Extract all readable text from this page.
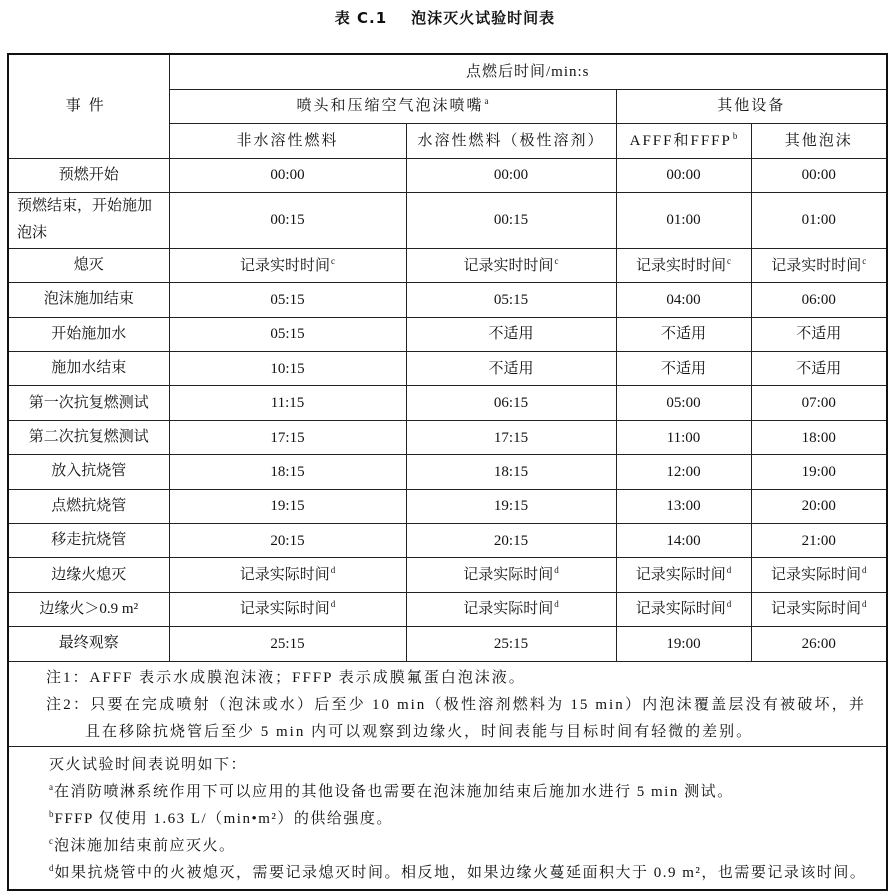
表 C.1 泡沫灭火试验时间表
事件	点燃后时间/min:s			
	喷头和压缩空气泡沫喷嘴$^a$		其他设备	
	非水溶性燃料	水溶性燃料（极性溶剂）	AFFF和FFFP$^b$	其他泡沫
预燃开始	00:00	00:00	00:00	00:00
预燃结束，开始施加泡沫	00:15	00:15	01:00	01:00
熄灭	记录实时时间$^c$	记录实时时间$^c$	记录实时时间$^c$	记录实时时间$^c$
泡沫施加结束	05:15	05:15	04:00	06:00
开始施加水	05:15	不适用	不适用	不适用
施加水结束	10:15	不适用	不适用	不适用
第一次抗复燃测试	11:15	06:15	05:00	07:00
第二次抗复燃测试	17:15	17:15	11:00	18:00
放入抗烧管	18:15	18:15	12:00	19:00
点燃抗烧管	19:15	19:15	13:00	20:00
移走抗烧管	20:15	20:15	14:00	21:00
边缘火熄灭	记录实际时间$^d$	记录实际时间$^d$	记录实际时间$^d$	记录实际时间$^d$
边缘火＞0.9 m²	记录实际时间$^d$	记录实际时间$^d$	记录实际时间$^d$	记录实际时间$^d$
最终观察	25:15	25:15	19:00	26:00

注1：AFFF 表示水成膜泡沫液；FFFP 表示成膜氟蛋白泡沫液。
注2：只要在完成喷射（泡沫或水）后至少 10 min（极性溶剂燃料为 15 min）内泡沫覆盖层没有被破坏，并且在移除抗烧管后至少 5 min 内可以观察到边缘火，时间表能与目标时间有轻微的差别。				

灭火试验时间表说明如下：
$^a$在消防喷淋系统作用下可以应用的其他设备也需要在泡沫施加结束后施加水进行 5 min 测试。
$^b$FFFP 仅使用 1.63 L/（min•m²）的供给强度。
$^c$泡沫施加结束前应灭火。
$^d$如果抗烧管中的火被熄灭，需要记录熄灭时间。相反地，如果边缘火蔓延面积大于 0.9 m²，也需要记录该时间。				
